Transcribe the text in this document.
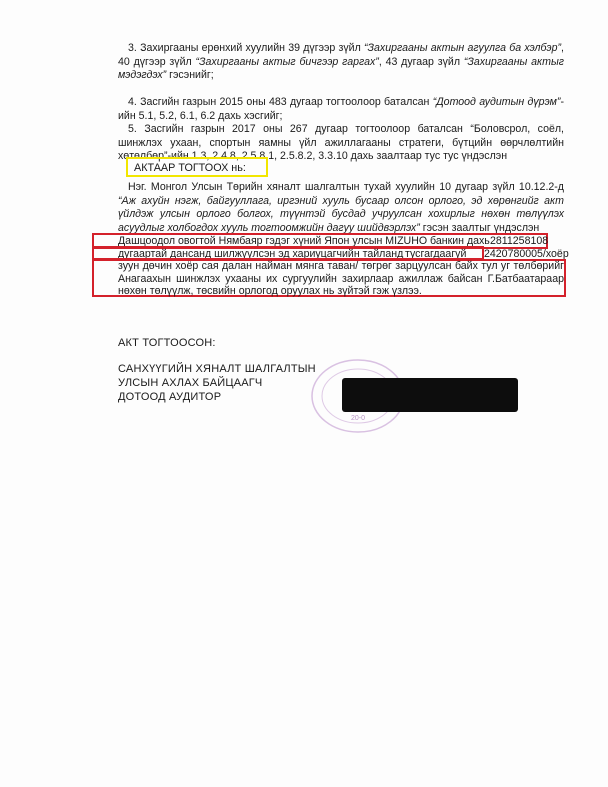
3. Захиргааны ерөнхий хуулийн 39 дүгээр зүйл “Захиргааны актын агуулга ба хэлбэр”, 40 дүгээр зүйл “Захиргааны актыг бичгээр гаргах”, 43 дугаар зүйл “Захиргааны актыг мэдэгдэх” гэсэнийг;
4. Засгийн газрын 2015 оны 483 дугаар тогтоолоор баталсан “Дотоод аудитын дүрэм”-ийн 5.1, 5.2, 6.1, 6.2 дахь хэсгийг;
5. Засгийн газрын 2017 оны 267 дугаар тогтоолоор баталсан “Боловсрол, соёл, шинжлэх ухаан, спортын яамны үйл ажиллагааны стратеги, бүтцийн өөрчлөлтийн хөтөлбөр”-ийн 1.3, 2.4.8, 2.5.8.1, 2.5.8.2, 3.3.10 дахь заалтаар тус тус үндэслэн
АКТААР ТОГТООХ нь:
Нэг. Монгол Улсын Төрийн хяналт шалгалтын тухай хуулийн 10 дугаар зүйл 10.12.2-д “Аж ахуйн нэгж, байгууллага, иргэний хууль бусаар олсон орлого, эд хөрөнгийг акт үйлдэж улсын орлого болгох, түүнтэй бусдад учруулсан хохирлыг нөхөн төлүүлэх асуудлыг холбогдох хууль тогтоомжийн дагуу шийдвэрлэх” гэсэн заалтыг үндэслэн
Дашцоодол овогтой Нямбаяр гэдэг хүний Япон улсын MIZUHO банкин дахь 2811258108
дугаартай дансанд шилжүүлсэн эд хариуцагчийн тайланд тусгагдаагүй 2420780005/хоёр
зуун дөчин хоёр сая далан найман мянга таван/ төгрөг зарцуулсан байх тул уг төлбөрийг Анагаахын шинжлэх ухааны их сургуулийн захирлаар ажиллаж байсан Г.Батбаатараар нөхөн төлүүлж, төсвийн орлогод оруулах нь зүйтэй гэж үзлээ.
АКТ ТОГТООСОН:
САНХҮҮГИЙН ХЯНАЛТ ШАЛГАЛТЫН
УЛСЫН АХЛАХ БАЙЦААГЧ
ДОТООД АУДИТОР
20-0
